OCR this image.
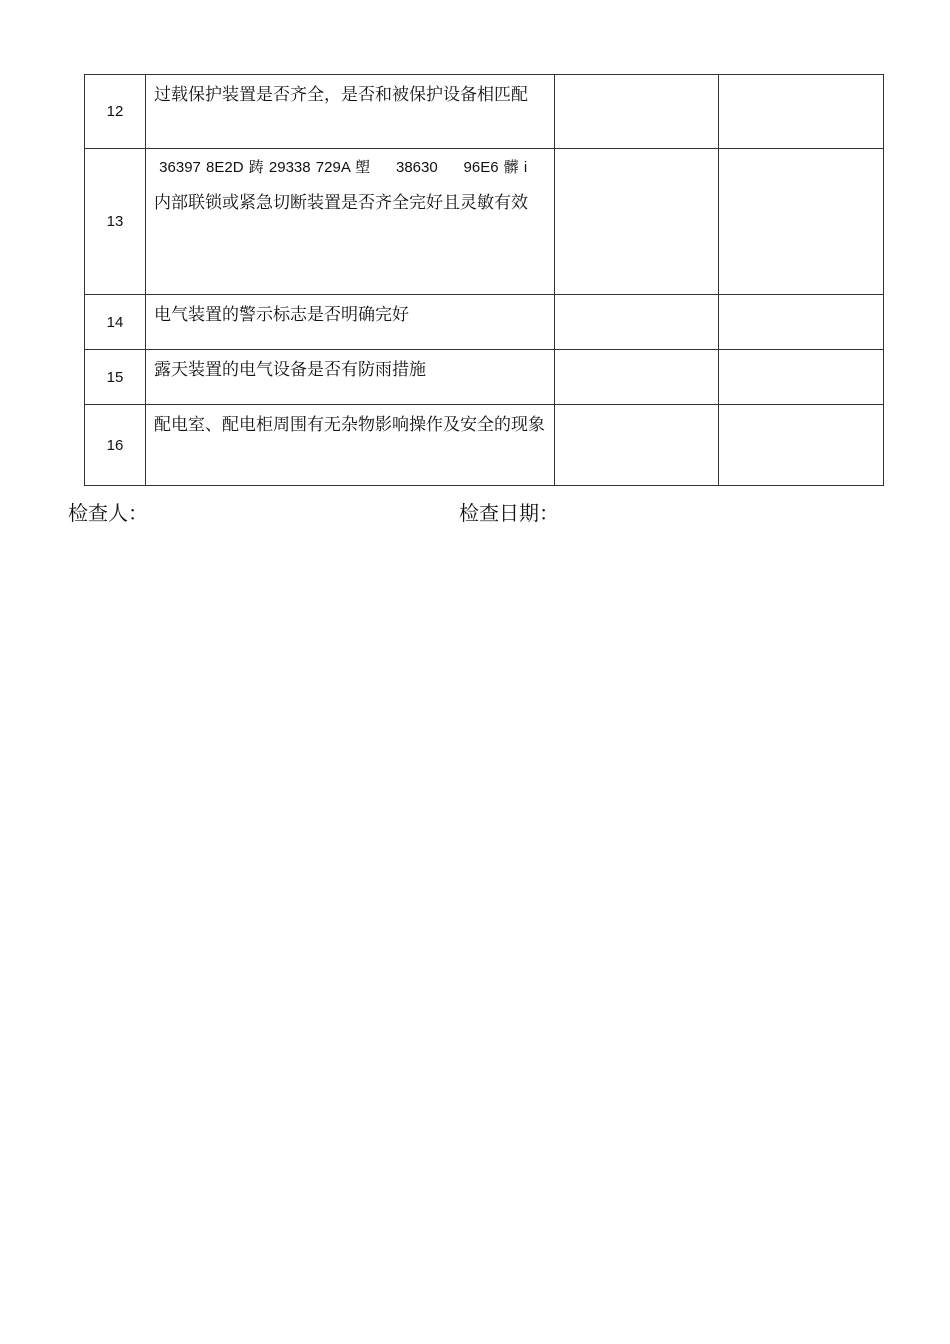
12	过载保护装置是否齐全，是否和被保护设备相匹配		
13	36397 8E2D 踌 29338 729A 塱     38630     96E6 髒 i
内部联锁或紧急切断装置是否齐全完好且灵敏有效		

14	电气装置的警示标志是否明确完好		
15	露天装置的电气设备是否有防雨措施		
16	配电室、配电柜周围有无杂物影响操作及安全的现象		
检查人：	检查日期：
